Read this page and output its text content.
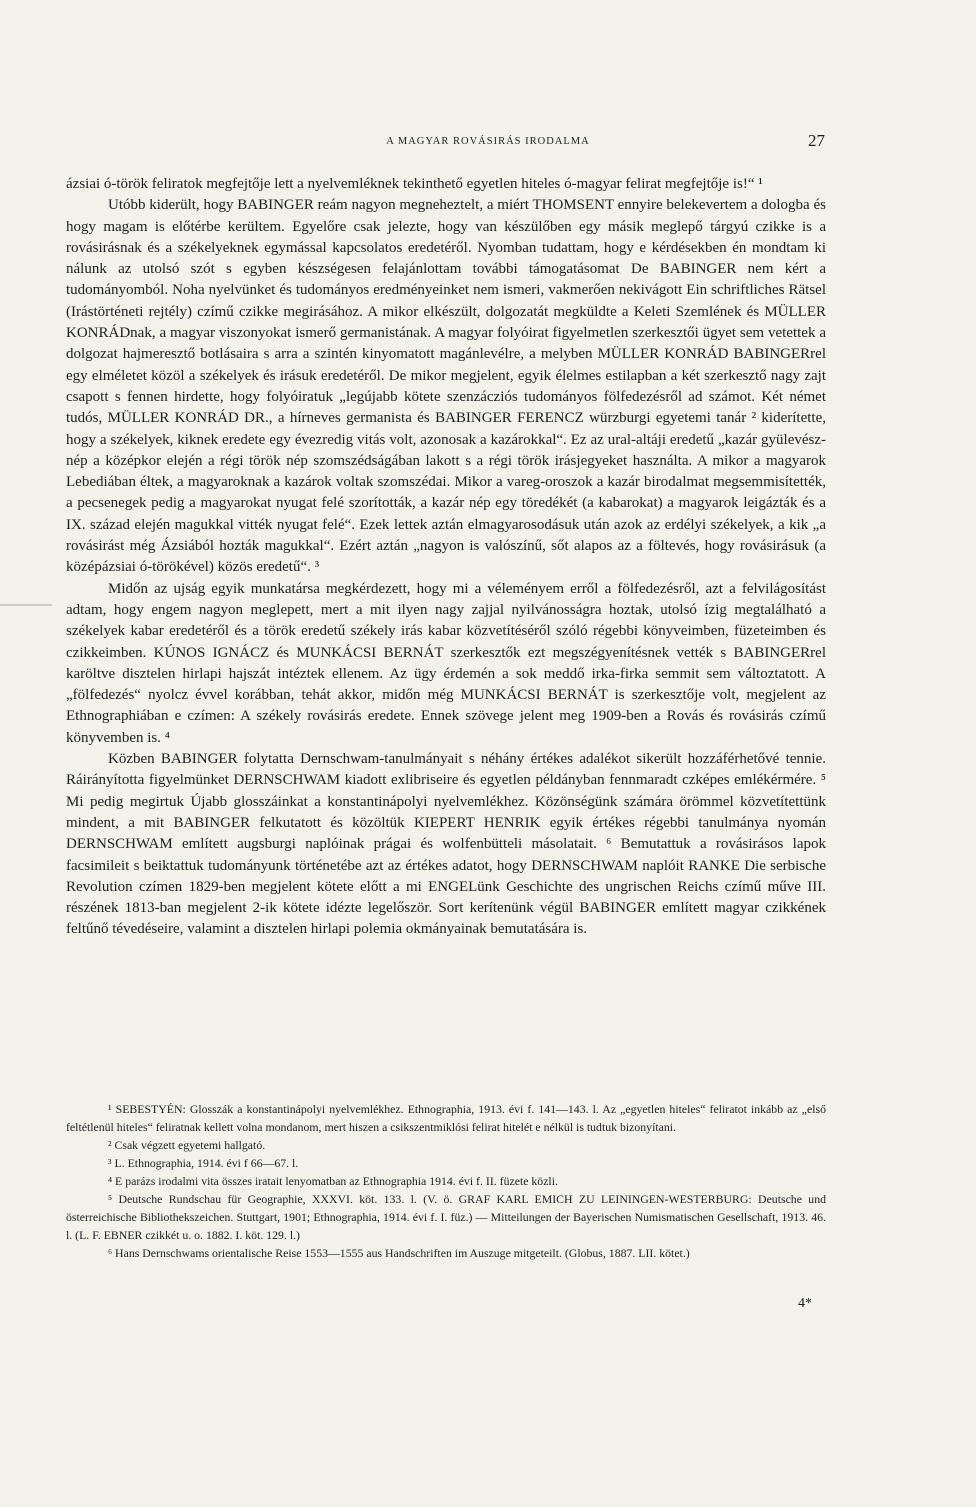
A MAGYAR ROVÁSIRÁS IRODALMA	27

ázsiai ó-török feliratok megfejtője lett a nyelvemléknek tekinthető egyetlen hiteles ó-magyar felirat megfejtője is!“ ¹

Utóbb kiderült, hogy BABINGER reám nagyon megneheztelt, a miért THOMSENT ennyire belekevertem a dologba és hogy magam is előtérbe kerültem. Egyelőre csak jelezte, hogy van készülőben egy másik meglepő tárgyú czikke is a rovásirásnak és a székelyeknek egymással kapcsolatos eredetéről. Nyomban tudattam, hogy e kérdésekben én mondtam ki nálunk az utolsó szót s egyben készségesen felajánlottam további támogatásomat De BABINGER nem kért a tudományomból. Noha nyelvünket és tudományos eredményeinket nem ismeri, vakmerően nekivágott Ein schriftliches Rätsel (Irástörténeti rejtély) czímű czikke megirásához. A mikor elkészült, dolgozatát megküldte a Keleti Szemlének és MÜLLER KONRÁDnak, a magyar viszonyokat ismerő germanistának. A magyar folyóirat figyelmetlen szerkesztői ügyet sem vetettek a dolgozat hajmeresztő botlásaira s arra a szintén kinyomatott magánlevélre, a melyben MÜLLER KONRÁD BABINGERrel egy elméletet közöl a székelyek és irásuk eredetéről. De mikor megjelent, egyik élelmes estilapban a két szerkesztő nagy zajt csapott s fennen hirdette, hogy folyóiratuk „legújabb kötete szenzácziós tudományos fölfedezésről ad számot. Két német tudós, MÜLLER KONRÁD DR., a hírneves germanista és BABINGER FERENCZ würzburgi egyetemi tanár ² kiderítette, hogy a székelyek, kiknek eredete egy évezredig vitás volt, azonosak a kazárokkal“. Ez az ural-altáji eredetű „kazár gyülevész-nép a középkor elején a régi török nép szomszédságában lakott s a régi török irásjegyeket használta. A mikor a magyarok Lebediában éltek, a magyaroknak a kazárok voltak szomszédai. Mikor a vareg-oroszok a kazár birodalmat megsemmisítették, a pecsenegek pedig a magyarokat nyugat felé szorították, a kazár nép egy töredékét (a kabarokat) a magyarok leigázták és a IX. század elején magukkal vitték nyugat felé“. Ezek lettek aztán elmagyarosodásuk után azok az erdélyi székelyek, a kik „a rovásirást még Ázsiából hozták magukkal“. Ezért aztán „nagyon is valószínű, sőt alapos az a föltevés, hogy rovásirásuk (a középázsiai ó-törökével) közös eredetű“. ³

Midőn az ujság egyik munkatársa megkérdezett, hogy mi a véleményem erről a fölfedezésről, azt a felvilágosítást adtam, hogy engem nagyon meglepett, mert a mit ilyen nagy zajjal nyilvánosságra hoztak, utolsó ízig megtalálható a székelyek kabar eredetéről és a török eredetű székely irás kabar közvetítéséről szóló régebbi könyveimben, füzeteimben és czikkeimben. KÚNOS IGNÁCZ és MUNKÁCSI BERNÁT szerkesztők ezt megszégyenítésnek vették s BABINGERrel karöltve disztelen hirlapi hajszát intéztek ellenem. Az ügy érdemén a sok meddő irka-firka semmit sem változtatott. A „fölfedezés“ nyolcz évvel korábban, tehát akkor, midőn még MUNKÁCSI BERNÁT is szerkesztője volt, megjelent az Ethnographiában e czímen: A székely rovásirás eredete. Ennek szövege jelent meg 1909-ben a Rovás és rovásirás czímű könyvemben is. ⁴

Közben BABINGER folytatta Dernschwam-tanulmányait s néhány értékes adalékot sikerült hozzáférhetővé tennie. Ráirányította figyelmünket DERNSCHWAM kiadott exlibriseire és egyetlen példányban fennmaradt czképes emlékérmére. ⁵ Mi pedig megirtuk Újabb glosszáinkat a konstantinápolyi nyelvemlékhez. Közönségünk számára örömmel közvetítettünk mindent, a mit BABINGER felkutatott és közöltük KIEPERT HENRIK egyik értékes régebbi tanulmánya nyomán DERNSCHWAM említett augsburgi naplóinak prágai és wolfenbütteli másolatait. ⁶ Bemutattuk a rovásirásos lapok facsimileit s beiktattuk tudományunk történetébe azt az értékes adatot, hogy DERNSCHWAM naplóit RANKE Die serbische Revolution czímen 1829-ben megjelent kötete előtt a mi ENGELünk Geschichte des ungrischen Reichs czímű műve III. részének 1813-ban megjelent 2-ik kötete idézte legelőször. Sort kerítenünk végül BABINGER említett magyar czikkének feltűnő tévedéseire, valamint a disztelen hirlapi polemia okmányainak bemutatására is.

¹ SEBESTYÉN: Glosszák a konstantinápolyi nyelvemlékhez. Ethnographia, 1913. évi f. 141—143. l. Az „egyetlen hiteles“ feliratot inkább az „első feltétlenül hiteles“ feliratnak kellett volna mondanom, mert hiszen a csikszentmiklósi felirat hitelét e nélkül is tudtuk bizonyítani.

² Csak végzett egyetemi hallgató.

³ L. Ethnographia, 1914. évi f 66—67. l.

⁴ E parázs irodalmi vita összes iratait lenyomatban az Ethnographia 1914. évi f. II. füzete közli.

⁵ Deutsche Rundschau für Geographie, XXXVI. köt. 133. l. (V. ö. GRAF KARL EMICH ZU LEININGEN-WESTERBURG: Deutsche und österreichische Bibliothekszeichen. Stuttgart, 1901; Ethnographia, 1914. évi f. I. füz.) — Mitteilungen der Bayerischen Numismatischen Gesellschaft, 1913. 46. l. (L. F. EBNER czikkét u. o. 1882. I. köt. 129. l.)

⁶ Hans Dernschwams orientalische Reise 1553—1555 aus Handschriften im Auszuge mitgeteilt. (Globus, 1887. LII. kötet.)

4*
